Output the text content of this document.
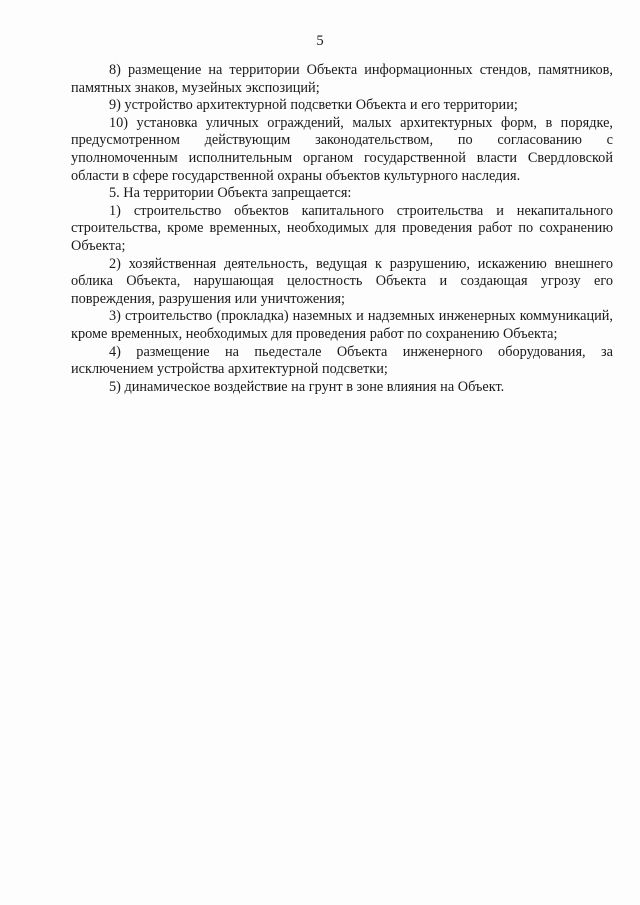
5

8) размещение на территории Объекта информационных стендов, памятников, памятных знаков, музейных экспозиций;

9) устройство архитектурной подсветки Объекта и его территории;

10) установка уличных ограждений, малых архитектурных форм, в порядке, предусмотренном действующим законодательством, по согласованию с уполномоченным исполнительным органом государственной власти Свердловской области в сфере государственной охраны объектов культурного наследия.

5. На территории Объекта запрещается:

1) строительство объектов капитального строительства и некапитального строительства, кроме временных, необходимых для проведения работ по сохранению Объекта;

2) хозяйственная деятельность, ведущая к разрушению, искажению внешнего облика Объекта, нарушающая целостность Объекта и создающая угрозу его повреждения, разрушения или уничтожения;

3) строительство (прокладка) наземных и надземных инженерных коммуникаций, кроме временных, необходимых для проведения работ по сохранению Объекта;

4) размещение на пьедестале Объекта инженерного оборудования, за исключением устройства архитектурной подсветки;

5) динамическое воздействие на грунт в зоне влияния на Объект.
